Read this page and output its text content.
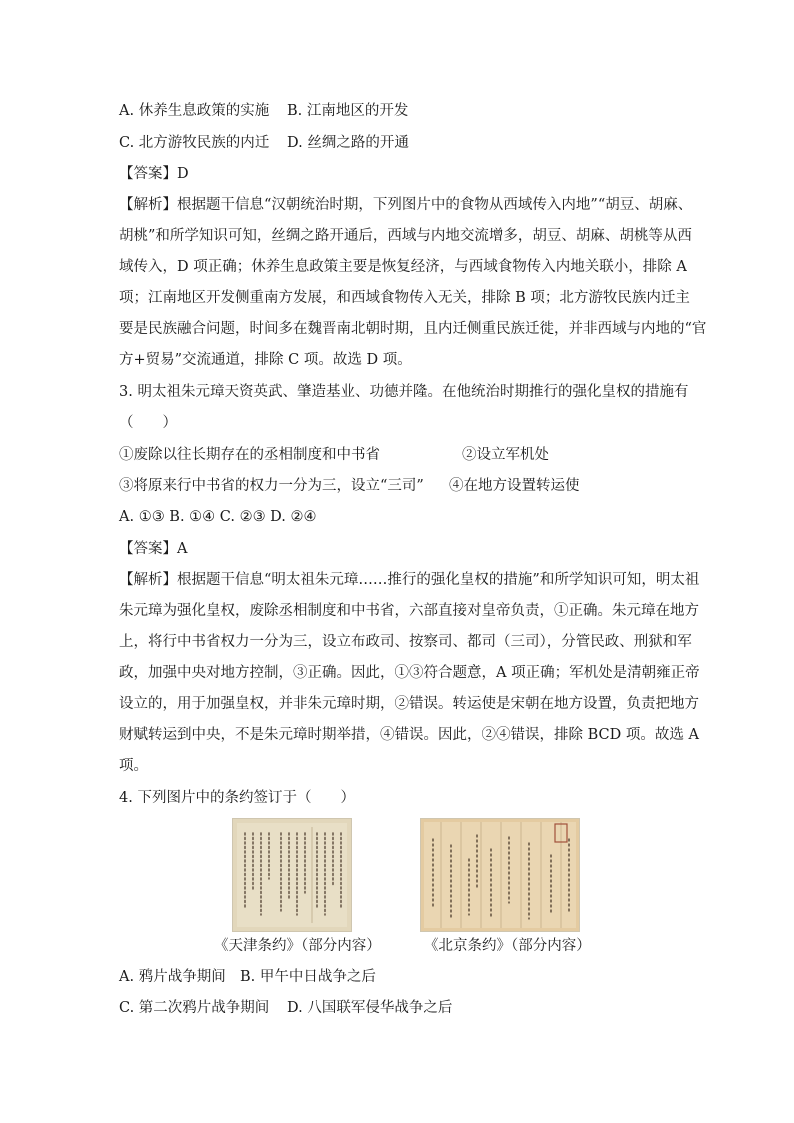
A. 休养生息政策的实施 B. 江南地区的开发
C. 北方游牧民族的内迁 D. 丝绸之路的开通
【答案】D
【解析】根据题干信息“汉朝统治时期，下列图片中的食物从西域传入内地”“胡豆、胡麻、
胡桃”和所学知识可知，丝绸之路开通后，西域与内地交流增多，胡豆、胡麻、胡桃等从西
域传入，D 项正确；休养生息政策主要是恢复经济，与西域食物传入内地关联小，排除 A
项；江南地区开发侧重南方发展，和西域食物传入无关，排除 B 项；北方游牧民族内迁主
要是民族融合问题，时间多在魏晋南北朝时期，且内迁侧重民族迁徙，并非西域与内地的“官
方+贸易”交流通道，排除 C 项。故选 D 项。
3. 明太祖朱元璋天资英武、肇造基业、功德并隆。在他统治时期推行的强化皇权的措施有
（　　）
①废除以往长期存在的丞相制度和中书省	②设立军机处
③将原来行中书省的权力一分为三，设立“三司” ④在地方设置转运使
A. ①③ B. ①④ C. ②③ D. ②④
【答案】A
【解析】根据题干信息“明太祖朱元璋……推行的强化皇权的措施”和所学知识可知，明太祖
朱元璋为强化皇权，废除丞相制度和中书省，六部直接对皇帝负责，①正确。朱元璋在地方
上，将行中书省权力一分为三，设立布政司、按察司、都司（三司），分管民政、刑狱和军
政，加强中央对地方控制，③正确。因此，①③符合题意，A 项正确；军机处是清朝雍正帝
设立的，用于加强皇权，并非朱元璋时期，②错误。转运使是宋朝在地方设置，负责把地方
财赋转运到中央，不是朱元璋时期举措，④错误。因此，②④错误，排除 BCD 项。故选 A
项。
4. 下列图片中的条约签订于（　　）
《天津条约》（部分内容）	《北京条约》（部分内容）
A. 鸦片战争期间 B. 甲午中日战争之后
C. 第二次鸦片战争期间 D. 八国联军侵华战争之后
